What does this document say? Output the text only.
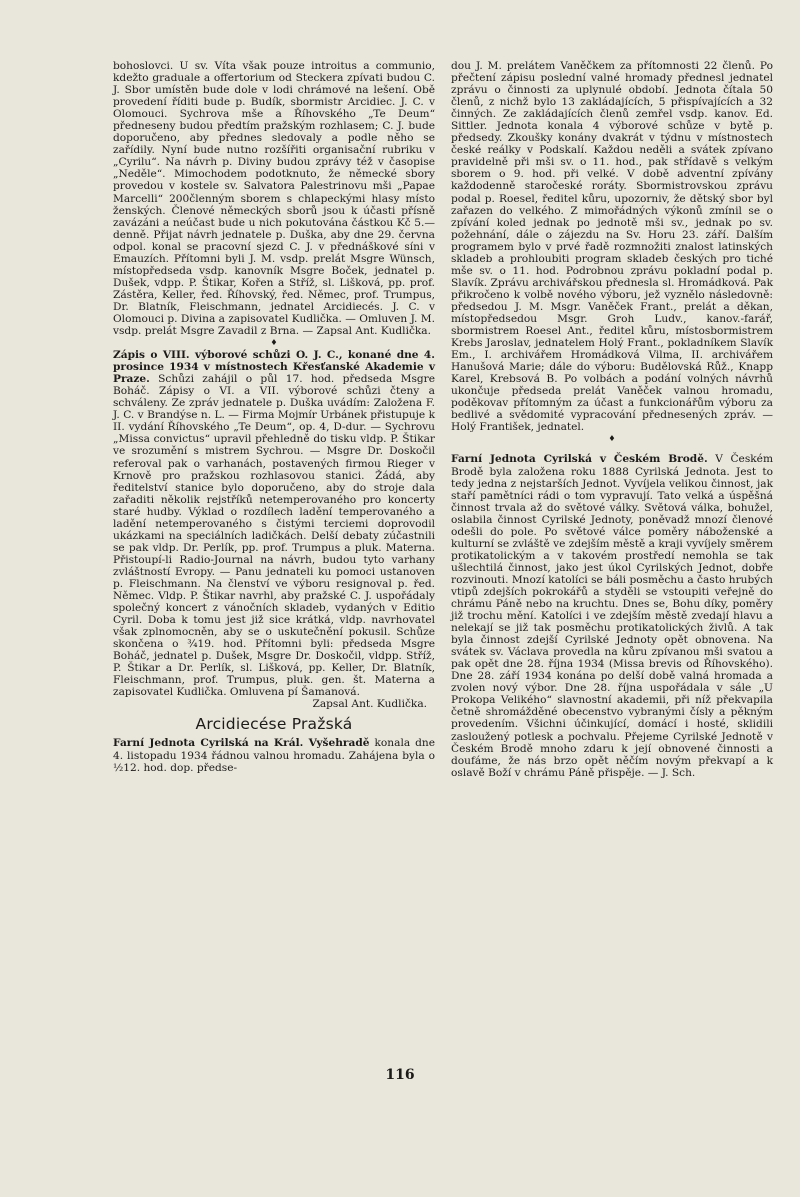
bohoslovci. U sv. Víta však pouze introitus a communio, kdežto graduale a offertorium od Steckera zpívati budou C. J. Sbor umístěn bude dole v lodi chrámové na lešení. Obě provedení říditi bude p. Budík, sbormistr Arcidiec. J. C. v Olomouci. Sychrova mše a Říhovského „Te Deum“ předneseny budou předtím pražským rozhlasem; C. J. bude doporučeno, aby přednes sledovaly a podle něho se zařídily. Nyní bude nutno rozšířiti organisační rubriku v „Cyrilu“. Na návrh p. Diviny budou zprávy též v časopise „Neděle“. Mimochodem podotknuto, že německé sbory provedou v kostele sv. Salvatora Palestrinovu mši „Papae Marcelli“ 200členným sborem s chlapeckými hlasy místo ženských. Členové německých sborů jsou k účasti přísně zavázáni a neúčast bude u nich pokutována částkou Kč 5.— denně. Přijat návrh jednatele p. Duška, aby dne 29. června odpol. konal se pracovní sjezd C. J. v přednáškové síni v Emauzích. Přítomni byli J. M. vsdp. prelát Msgre Wünsch, místopředseda vsdp. kanovník Msgre Boček, jednatel p. Dušek, vdpp. P. Štikar, Kořen a Stříž, sl. Lišková, pp. prof. Zástěra, Keller, řed. Říhovský, řed. Němec, prof. Trumpus, Dr. Blatník, Fleischmann, jednatel Arcidiecés. J. C. v Olomouci p. Divina a zapisovatel Kudlička. — Omluven J. M. vsdp. prelát Msgre Zavadil z Brna. — Zapsal Ant. Kudlička.

♦

Zápis o VIII. výborové schůzi O. J. C., konané dne 4. prosince 1934 v místnostech Křesťanské Akademie v Praze. Schůzi zahájil o půl 17. hod. předseda Msgre Boháč. Zápisy o VI. a VII. výborové schůzi čteny a schváleny. Ze zpráv jednatele p. Duška uvádím: Založena F. J. C. v Brandýse n. L. — Firma Mojmír Urbánek přistupuje k II. vydání Říhovského „Te Deum“, op. 4, D-dur. — Sychrovu „Missa convictus“ upravil přehledně do tisku vldp. P. Štikar ve srozumění s mistrem Sychrou. — Msgre Dr. Doskočil referoval pak o varhanách, postavených firmou Rieger v Krnově pro pražskou rozhlasovou stanici. Žádá, aby ředitelství stanice bylo doporučeno, aby do stroje dala zařaditi několik rejstříků netemperovaného pro koncerty staré hudby. Výklad o rozdílech ladění temperovaného a ladění netemperovaného s čistými terciemi doprovodil ukázkami na speciálních ladičkách. Delší debaty zúčastnili se pak vldp. Dr. Perlík, pp. prof. Trumpus a pluk. Materna. Přistoupí-li Radio-Journal na návrh, budou tyto varhany zvláštností Evropy. — Panu jednateli ku pomoci ustanoven p. Fleischmann. Na členství ve výboru resignoval p. řed. Němec. Vldp. P. Štikar navrhl, aby pražské C. J. uspořádaly společný koncert z vánočních skladeb, vydaných v Editio Cyril. Doba k tomu jest již sice krátká, vldp. navrhovatel však zplnomocněn, aby se o uskutečnění pokusil. Schůze skončena o ¾19. hod. Přítomni byli: předseda Msgre Boháč, jednatel p. Dušek, Msgre Dr. Doskočil, vldpp. Stříž, P. Štikar a Dr. Perlík, sl. Lišková, pp. Keller, Dr. Blatník, Fleischmann, prof. Trumpus, pluk. gen. št. Materna a zapisovatel Kudlička. Omluvena pí Šamanová.

Zapsal Ant. Kudlička.

Arcidiecése Pražská

Farní Jednota Cyrilská na Král. Vyšehradě konala dne 4. listopadu 1934 řádnou valnou hromadu. Zahájena byla o ½12. hod. dop. předse-

dou J. M. prelátem Vaněčkem za přítomnosti 22 členů. Po přečtení zápisu poslední valné hromady přednesl jednatel zprávu o činnosti za uplynulé období. Jednota čítala 50 členů, z nichž bylo 13 zakládajících, 5 přispívajících a 32 činných. Ze zakládajících členů zemřel vsdp. kanov. Ed. Sittler. Jednota konala 4 výborové schůze v bytě p. předsedy. Zkoušky konány dvakrát v týdnu v místnostech české reálky v Podskalí. Každou neděli a svátek zpívano pravidelně při mši sv. o 11. hod., pak střídavě s velkým sborem o 9. hod. při velké. V době adventní zpívány každodenně staročeské roráty. Sbormistrovskou zprávu podal p. Roesel, ředitel kůru, upozorniv, že dětský sbor byl zařazen do velkého. Z mimořádných výkonů zmínil se o zpívání koled jednak po jednotě mši sv., jednak po sv. požehnání, dále o zájezdu na Sv. Horu 23. září. Dalším programem bylo v prvé řadě rozmnožiti znalost latinských skladeb a prohloubiti program skladeb českých pro tiché mše sv. o 11. hod. Podrobnou zprávu pokladní podal p. Slavík. Zprávu archivářskou přednesla sl. Hromádková. Pak přikročeno k volbě nového výboru, jež vyznělo následovně: předsedou J. M. Msgr. Vaněček Frant., prelát a děkan, místopředsedou Msgr. Groh Ludv., kanov.-farář, sbormistrem Roesel Ant., ředitel kůru, místosbormistrem Krebs Jaroslav, jednatelem Holý Frant., pokladníkem Slavík Em., I. archivářem Hromádková Vilma, II. archivářem Hanušová Marie; dále do výboru: Budělovská Růž., Knapp Karel, Krebsová B. Po volbách a podání volných návrhů ukončuje předseda prelát Vaněček valnou hromadu, poděkovav přítomným za účast a funkcionářům výboru za bedlivé a svědomité vypracování přednesených zpráv. — Holý František, jednatel.

♦

Farní Jednota Cyrilská v Českém Brodě. V Českém Brodě byla založena roku 1888 Cyrilská Jednota. Jest to tedy jedna z nejstarších Jednot. Vyvíjela velikou činnost, jak staří pamětníci rádi o tom vypravují. Tato velká a úspěšná činnost trvala až do světové války. Světová válka, bohužel, oslabila činnost Cyrilské Jednoty, poněvadž mnozí členové odešli do pole. Po světové válce poměry náboženské a kulturní se zvláště ve zdejším městě a kraji vyvíjely směrem protikatolickým a v takovém prostředí nemohla se tak ušlechtilá činnost, jako jest úkol Cyrilských Jednot, dobře rozvinouti. Mnozí katolíci se báli posměchu a často hrubých vtipů zdejších pokrokářů a styděli se vstoupiti veřejně do chrámu Páně nebo na kruchtu. Dnes se, Bohu díky, poměry již trochu mění. Katolíci i ve zdejším městě zvedají hlavu a nelekají se již tak posměchu protikatolických živlů. A tak byla činnost zdejší Cyrilské Jednoty opět obnovena. Na svátek sv. Václava provedla na kůru zpívanou mši svatou a pak opět dne 28. října 1934 (Missa brevis od Říhovského). Dne 28. září 1934 konána po delší době valná hromada a zvolen nový výbor. Dne 28. října uspořádala v sále „U Prokopa Velikého“ slavnostní akademii, při níž překvapila četně shromážděné obecenstvo vybranými čísly a pěkným provedením. Všichni účinkující, domácí i hosté, sklidili zasloužený potlesk a pochvalu. Přejeme Cyrilské Jednotě v Českém Brodě mnoho zdaru k její obnovené činnosti a doufáme, že nás brzo opět něčím novým překvapí a k oslavě Boží v chrámu Páně přispěje. — J. Sch.

116
